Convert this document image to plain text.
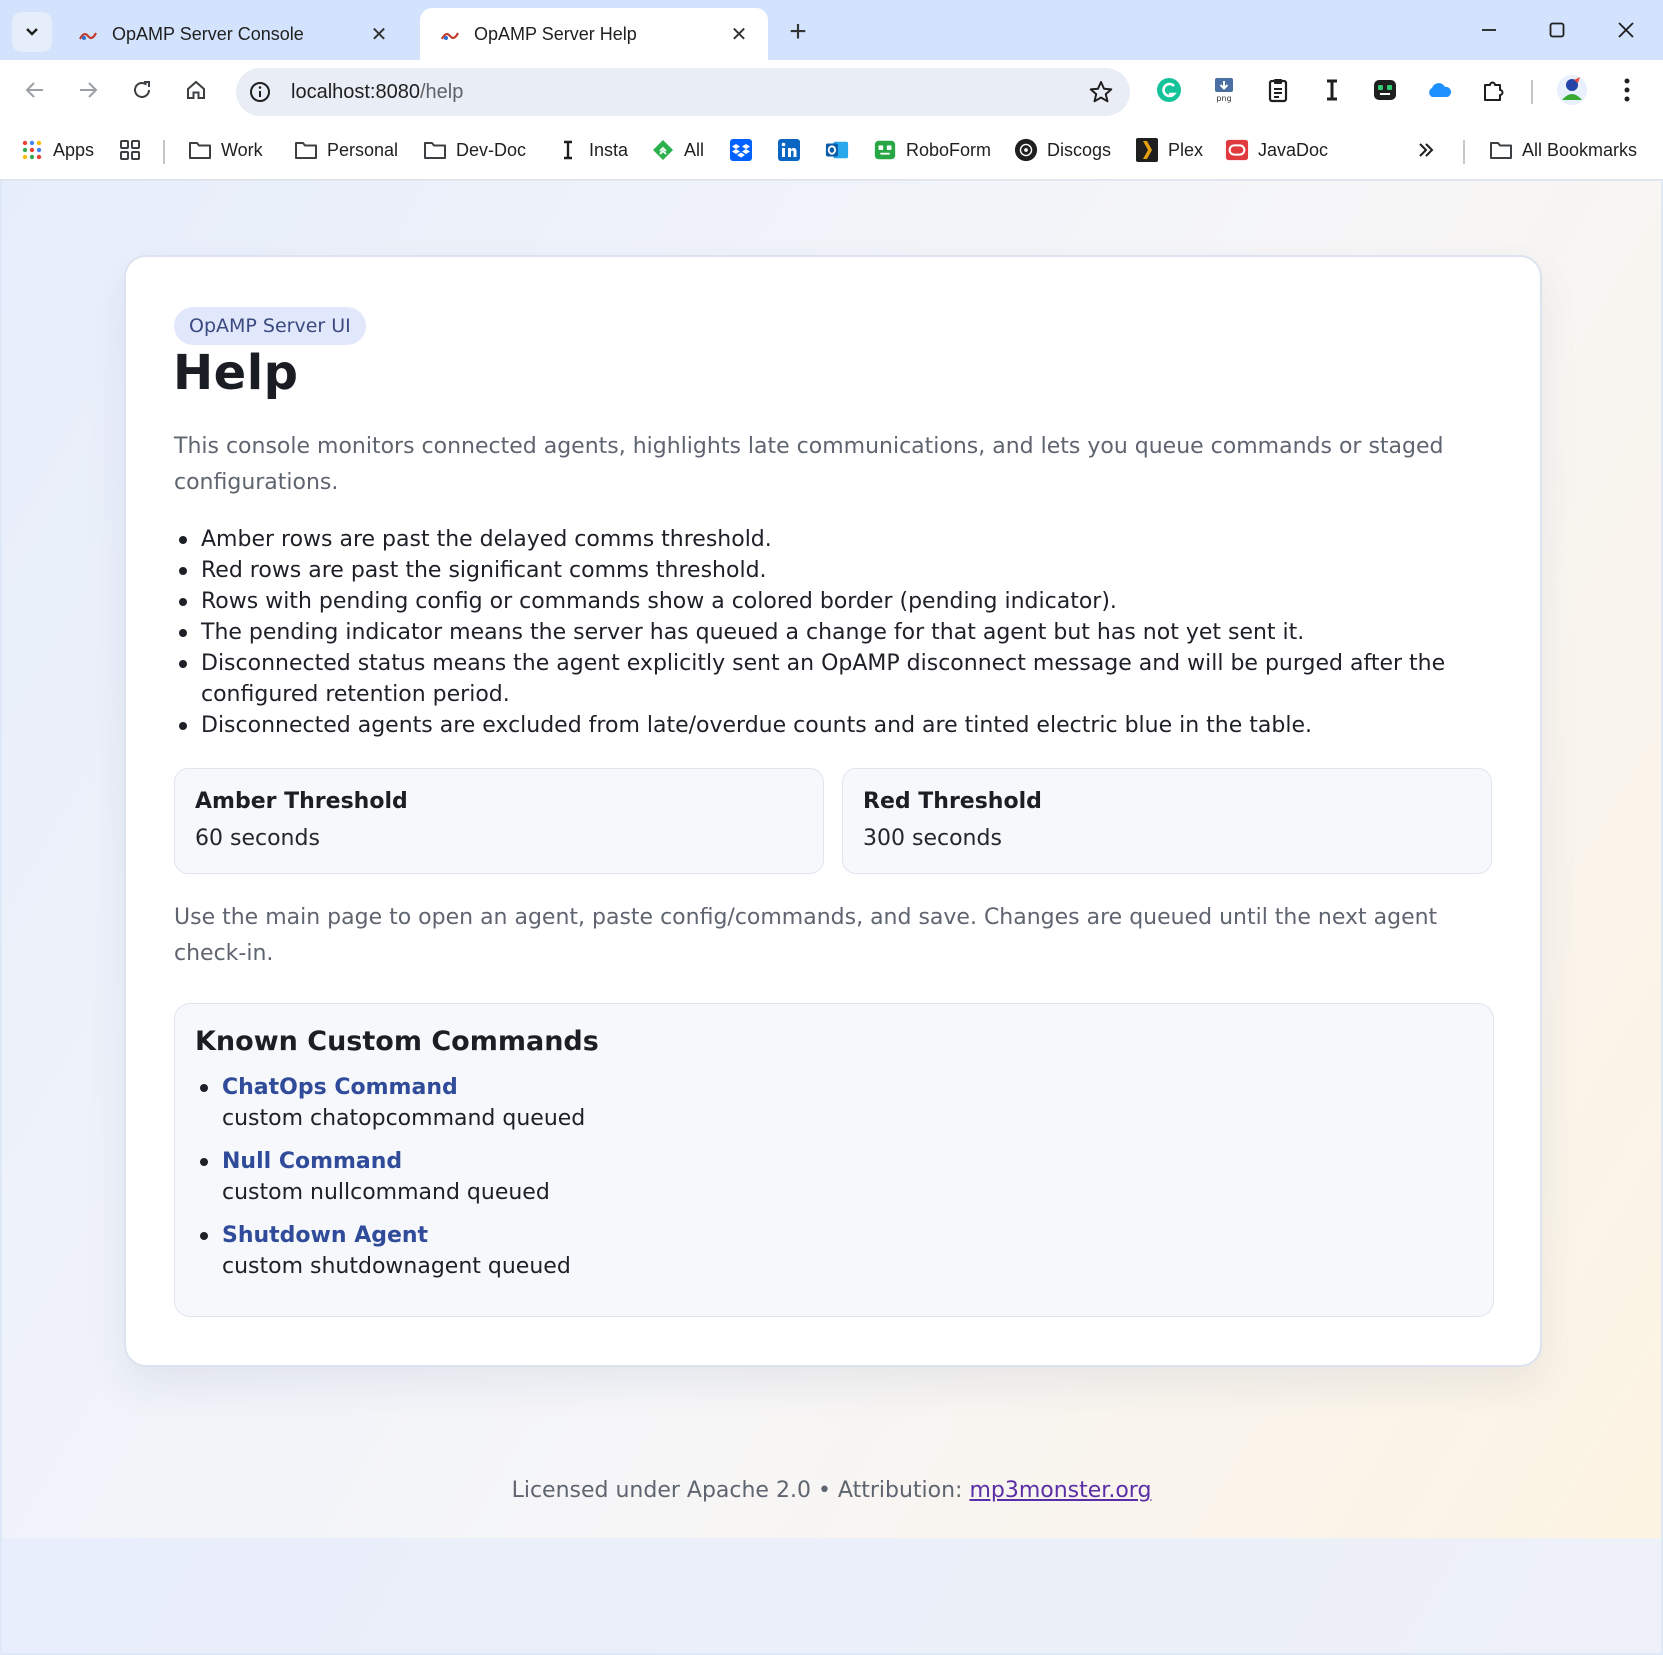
OpAMP Server Console	✕	OpAMP Server Help	✕	+
localhost:8080/help	png
Apps	Work	Personal	Dev-Doc	Insta	All	RoboForm	Discogs	Plex	JavaDoc	All Bookmarks
OpAMP Server UI
Help

This console monitors connected agents, highlights late communications, and lets you queue commands or staged configurations.

Amber rows are past the delayed comms threshold.
Red rows are past the significant comms threshold.
Rows with pending config or commands show a colored border (pending indicator).
The pending indicator means the server has queued a change for that agent but has not yet sent it.
Disconnected status means the agent explicitly sent an OpAMP disconnect message and will be purged after the configured retention period.
Disconnected agents are excluded from late/overdue counts and are tinted electric blue in the table.
Amber Threshold
60 seconds
Red Threshold
300 seconds

Use the main page to open an agent, paste config/commands, and save. Changes are queued until the next agent check-in.

Known Custom Commands
ChatOps Command
custom chatopcommand queued
Null Command
custom nullcommand queued
Shutdown Agent
custom shutdownagent queued
Licensed under Apache 2.0 • Attribution: mp3monster.org
